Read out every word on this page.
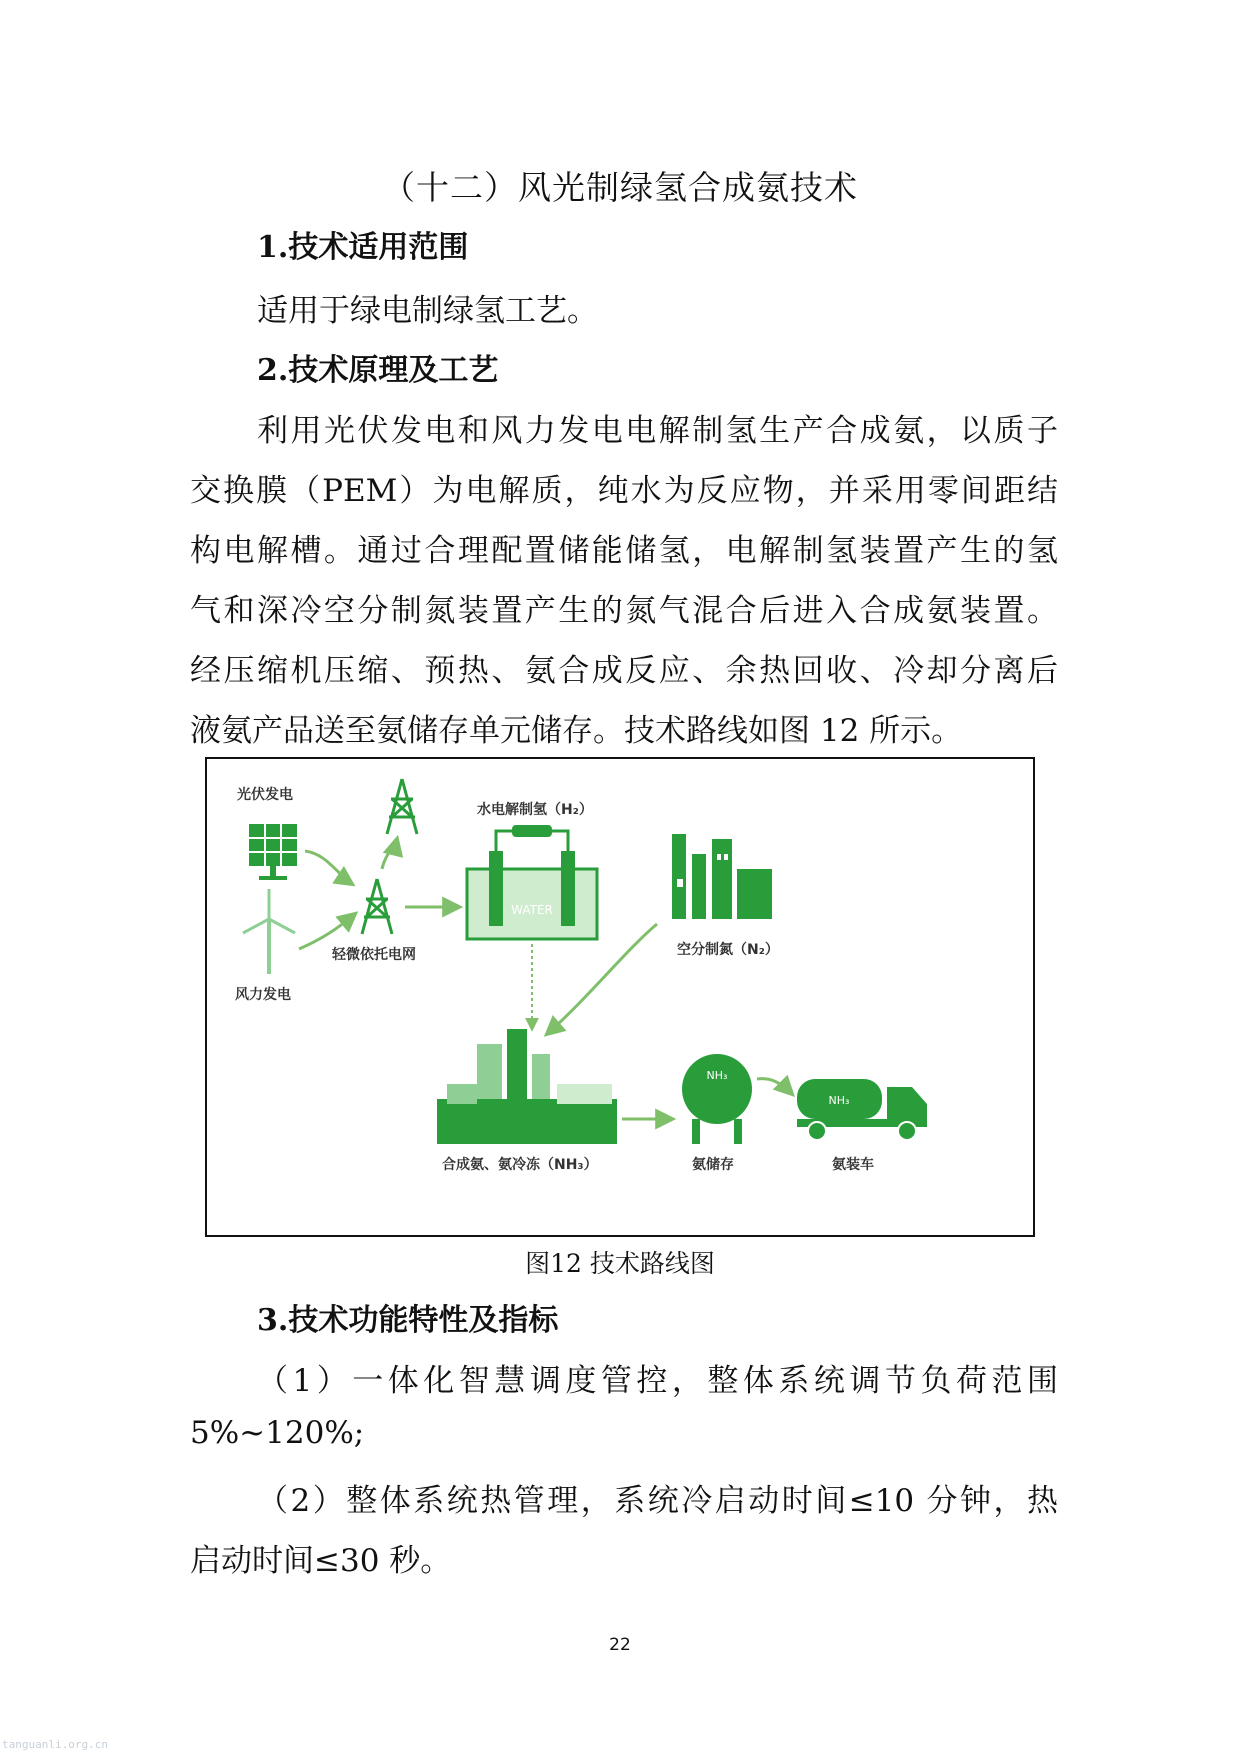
（十二）风光制绿氢合成氨技术
1.技术适用范围
适用于绿电制绿氢工艺。
2.技术原理及工艺
利用光伏发电和风力发电电解制氢生产合成氨，以质子
交换膜（PEM）为电解质，纯水为反应物，并采用零间距结
构电解槽。通过合理配置储能储氢，电解制氢装置产生的氢
气和深冷空分制氮装置产生的氮气混合后进入合成氨装置。
经压缩机压缩、预热、氨合成反应、余热回收、冷却分离后
液氨产品送至氨储存单元储存。技术路线如图 12 所示。
光伏发电
风力发电
轻微依托电网
水电解制氢（H₂）
WATER
空分制氮（N₂）
合成氨、氨冷冻（NH₃）
NH₃
氨储存
NH₃
氨装车
图12 技术路线图
3.技术功能特性及指标
（1）一体化智慧调度管控，整体系统调节负荷范围
5%~120%;
（2）整体系统热管理，系统冷启动时间≤10 分钟，热
启动时间≤30 秒。
22
tanguanli.org.cn
